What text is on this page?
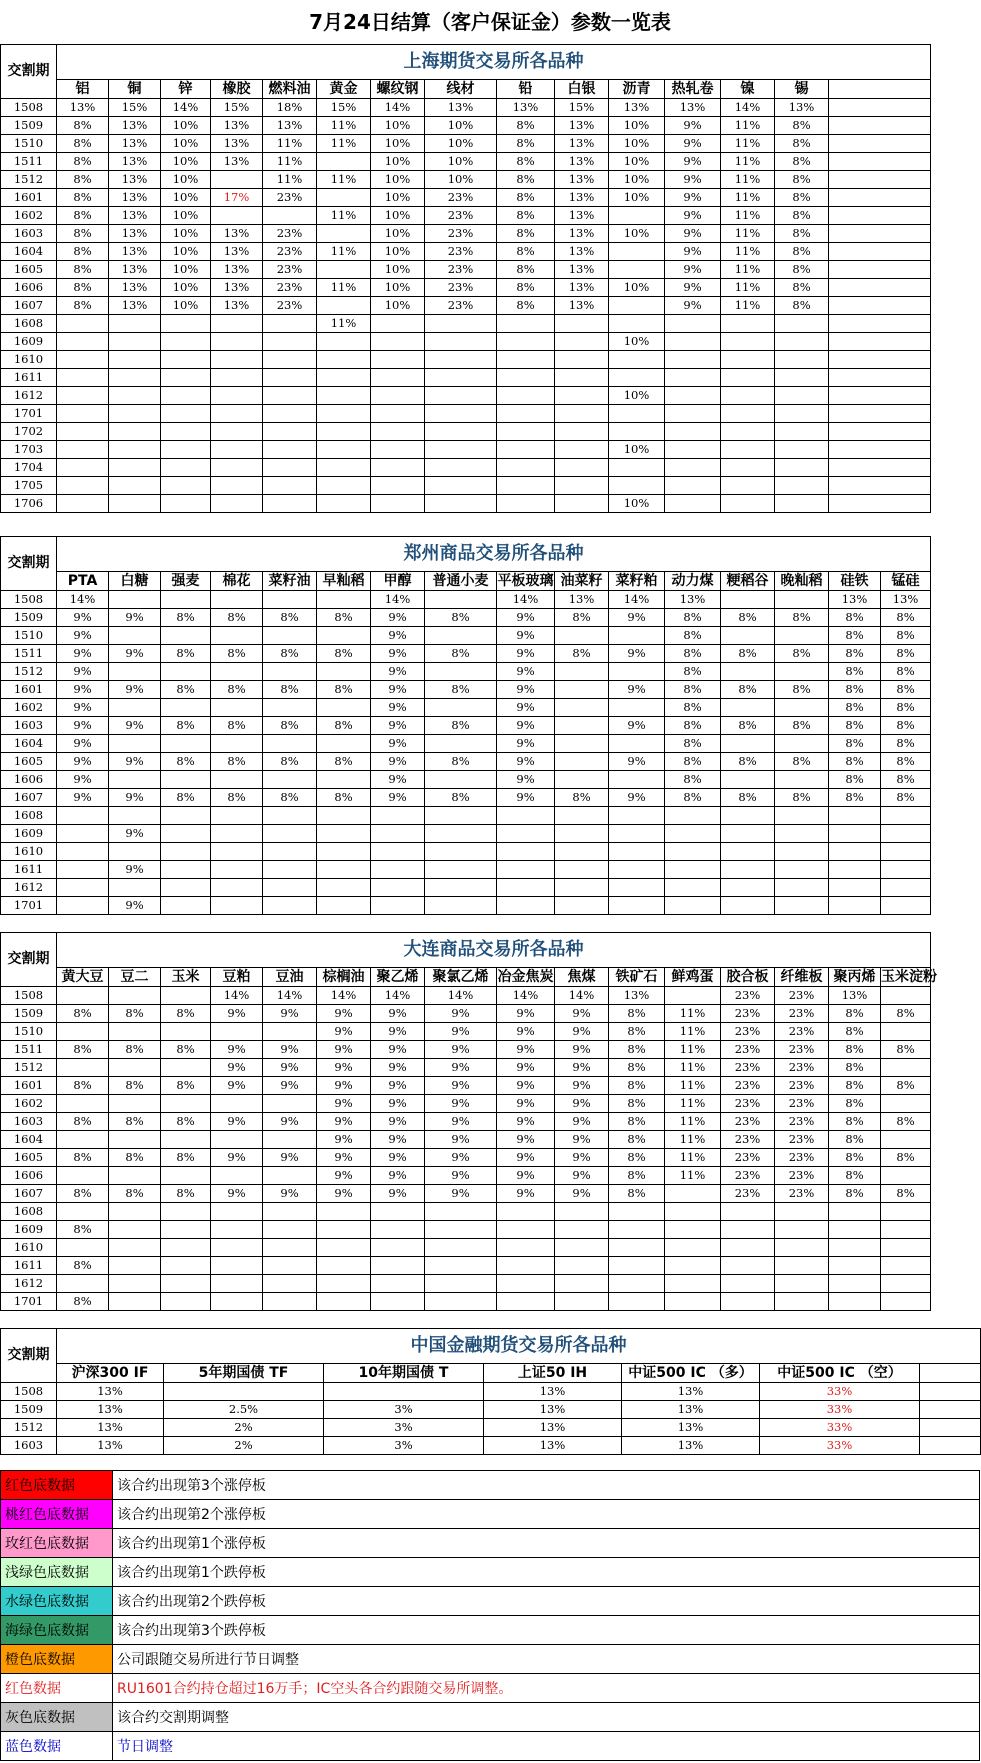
7月24日结算（客户保证金）参数一览表
交割期	上海期货交易所各品种														
	铝	铜	锌	橡胶	燃料油	黄金	螺纹钢	线材	铅	白银	沥青	热轧卷	镍	锡	
1508	13%	15%	14%	15%	18%	15%	14%	13%	13%	15%	13%	13%	14%	13%	
1509	8%	13%	10%	13%	13%	11%	10%	10%	8%	13%	10%	9%	11%	8%	
1510	8%	13%	10%	13%	11%	11%	10%	10%	8%	13%	10%	9%	11%	8%	
1511	8%	13%	10%	13%	11%		10%	10%	8%	13%	10%	9%	11%	8%	
1512	8%	13%	10%		11%	11%	10%	10%	8%	13%	10%	9%	11%	8%	
1601	8%	13%	10%	17%	23%		10%	23%	8%	13%	10%	9%	11%	8%	
1602	8%	13%	10%			11%	10%	23%	8%	13%		9%	11%	8%	
1603	8%	13%	10%	13%	23%		10%	23%	8%	13%	10%	9%	11%	8%	
1604	8%	13%	10%	13%	23%	11%	10%	23%	8%	13%		9%	11%	8%	
1605	8%	13%	10%	13%	23%		10%	23%	8%	13%		9%	11%	8%	
1606	8%	13%	10%	13%	23%	11%	10%	23%	8%	13%	10%	9%	11%	8%	
1607	8%	13%	10%	13%	23%		10%	23%	8%	13%		9%	11%	8%	
1608						11%									
1609											10%				
1610															
1611															
1612											10%				
1701															
1702															
1703											10%				
1704															
1705															
1706											10%				
交割期	郑州商品交易所各品种															
	PTA	白糖	强麦	棉花	菜籽油	早籼稻	甲醇	普通小麦	平板玻璃	油菜籽	菜籽粕	动力煤	粳稻谷	晚籼稻	硅铁	锰硅
1508	14%						14%		14%	13%	14%	13%			13%	13%
1509	9%	9%	8%	8%	8%	8%	9%	8%	9%	8%	9%	8%	8%	8%	8%	8%
1510	9%						9%		9%			8%			8%	8%
1511	9%	9%	8%	8%	8%	8%	9%	8%	9%	8%	9%	8%	8%	8%	8%	8%
1512	9%						9%		9%			8%			8%	8%
1601	9%	9%	8%	8%	8%	8%	9%	8%	9%		9%	8%	8%	8%	8%	8%
1602	9%						9%		9%			8%			8%	8%
1603	9%	9%	8%	8%	8%	8%	9%	8%	9%		9%	8%	8%	8%	8%	8%
1604	9%						9%		9%			8%			8%	8%
1605	9%	9%	8%	8%	8%	8%	9%	8%	9%		9%	8%	8%	8%	8%	8%
1606	9%						9%		9%			8%			8%	8%
1607	9%	9%	8%	8%	8%	8%	9%	8%	9%	8%	9%	8%	8%	8%	8%	8%
1608																
1609		9%														
1610																
1611		9%														
1612																
1701		9%														
交割期	大连商品交易所各品种															
	黄大豆	豆二	玉米	豆粕	豆油	棕榈油	聚乙烯	聚氯乙烯	冶金焦炭	焦煤	铁矿石	鲜鸡蛋	胶合板	纤维板	聚丙烯	玉米淀粉
1508				14%	14%	14%	14%	14%	14%	14%	13%		23%	23%	13%	
1509	8%	8%	8%	9%	9%	9%	9%	9%	9%	9%	8%	11%	23%	23%	8%	8%
1510						9%	9%	9%	9%	9%	8%	11%	23%	23%	8%	
1511	8%	8%	8%	9%	9%	9%	9%	9%	9%	9%	8%	11%	23%	23%	8%	8%
1512				9%	9%	9%	9%	9%	9%	9%	8%	11%	23%	23%	8%	
1601	8%	8%	8%	9%	9%	9%	9%	9%	9%	9%	8%	11%	23%	23%	8%	8%
1602						9%	9%	9%	9%	9%	8%	11%	23%	23%	8%	
1603	8%	8%	8%	9%	9%	9%	9%	9%	9%	9%	8%	11%	23%	23%	8%	8%
1604						9%	9%	9%	9%	9%	8%	11%	23%	23%	8%	
1605	8%	8%	8%	9%	9%	9%	9%	9%	9%	9%	8%	11%	23%	23%	8%	8%
1606						9%	9%	9%	9%	9%	8%	11%	23%	23%	8%	
1607	8%	8%	8%	9%	9%	9%	9%	9%	9%	9%	8%		23%	23%	8%	8%
1608																
1609	8%															
1610																
1611	8%															
1612																
1701	8%															
交割期	中国金融期货交易所各品种						
	沪深300 IF	5年期国债 TF	10年期国债 T	上证50 IH	中证500 IC （多）	中证500 IC （空）	
1508	13%			13%	13%	33%	
1509	13%	2.5%	3%	13%	13%	33%	
1512	13%	2%	3%	13%	13%	33%	
1603	13%	2%	3%	13%	13%	33%	
红色底数据	该合约出现第3个涨停板
桃红色底数据	该合约出现第2个涨停板
玫红色底数据	该合约出现第1个涨停板
浅绿色底数据	该合约出现第1个跌停板
水绿色底数据	该合约出现第2个跌停板
海绿色底数据	该合约出现第3个跌停板
橙色底数据	公司跟随交易所进行节日调整
红色数据	RU1601合约持仓超过16万手；IC空头各合约跟随交易所调整。
灰色底数据	该合约交割期调整
蓝色数据	节日调整
